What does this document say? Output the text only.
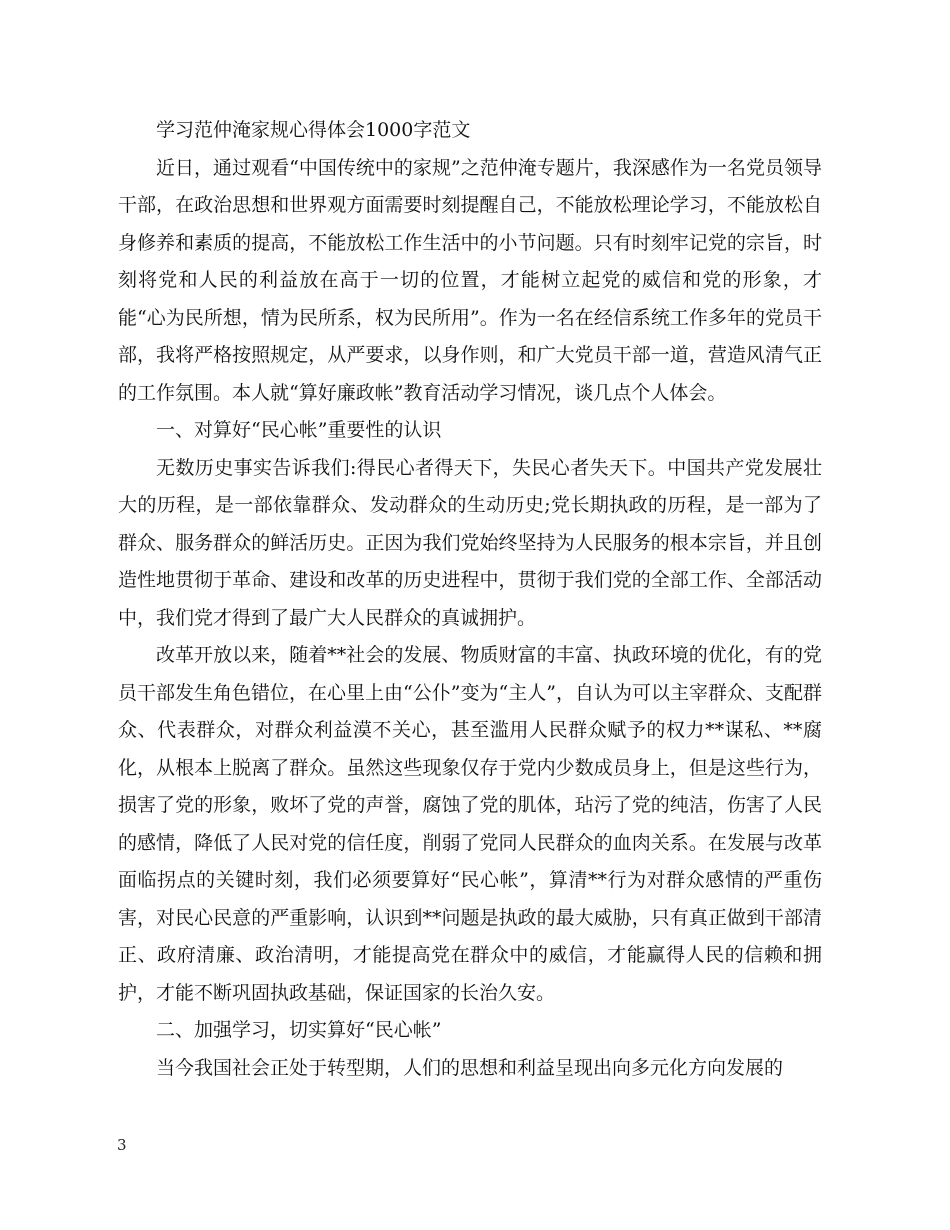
学习范仲淹家规心得体会1000字范文

近日，通过观看“中国传统中的家规”之范仲淹专题片，我深感作为一名党员领导干部，在政治思想和世界观方面需要时刻提醒自己，不能放松理论学习，不能放松自身修养和素质的提高，不能放松工作生活中的小节问题。只有时刻牢记党的宗旨，时刻将党和人民的利益放在高于一切的位置，才能树立起党的威信和党的形象，才能“心为民所想，情为民所系，权为民所用”。作为一名在经信系统工作多年的党员干部，我将严格按照规定，从严要求，以身作则，和广大党员干部一道，营造风清气正的工作氛围。本人就“算好廉政帐”教育活动学习情况，谈几点个人体会。

一、对算好“民心帐”重要性的认识

无数历史事实告诉我们:得民心者得天下，失民心者失天下。中国共产党发展壮大的历程，是一部依靠群众、发动群众的生动历史;党长期执政的历程，是一部为了群众、服务群众的鲜活历史。正因为我们党始终坚持为人民服务的根本宗旨，并且创造性地贯彻于革命、建设和改革的历史进程中，贯彻于我们党的全部工作、全部活动中，我们党才得到了最广大人民群众的真诚拥护。

改革开放以来，随着**社会的发展、物质财富的丰富、执政环境的优化，有的党员干部发生角色错位，在心里上由“公仆”变为“主人”，自认为可以主宰群众、支配群众、代表群众，对群众利益漠不关心，甚至滥用人民群众赋予的权力**谋私、**腐化，从根本上脱离了群众。虽然这些现象仅存于党内少数成员身上，但是这些行为，损害了党的形象，败坏了党的声誉，腐蚀了党的肌体，玷污了党的纯洁，伤害了人民的感情，降低了人民对党的信任度，削弱了党同人民群众的血肉关系。在发展与改革面临拐点的关键时刻，我们必须要算好“民心帐”，算清**行为对群众感情的严重伤害，对民心民意的严重影响，认识到**问题是执政的最大威胁，只有真正做到干部清正、政府清廉、政治清明，才能提高党在群众中的威信，才能赢得人民的信赖和拥护，才能不断巩固执政基础，保证国家的长治久安。

二、加强学习，切实算好“民心帐”

当今我国社会正处于转型期，人们的思想和利益呈现出向多元化方向发展的

3
